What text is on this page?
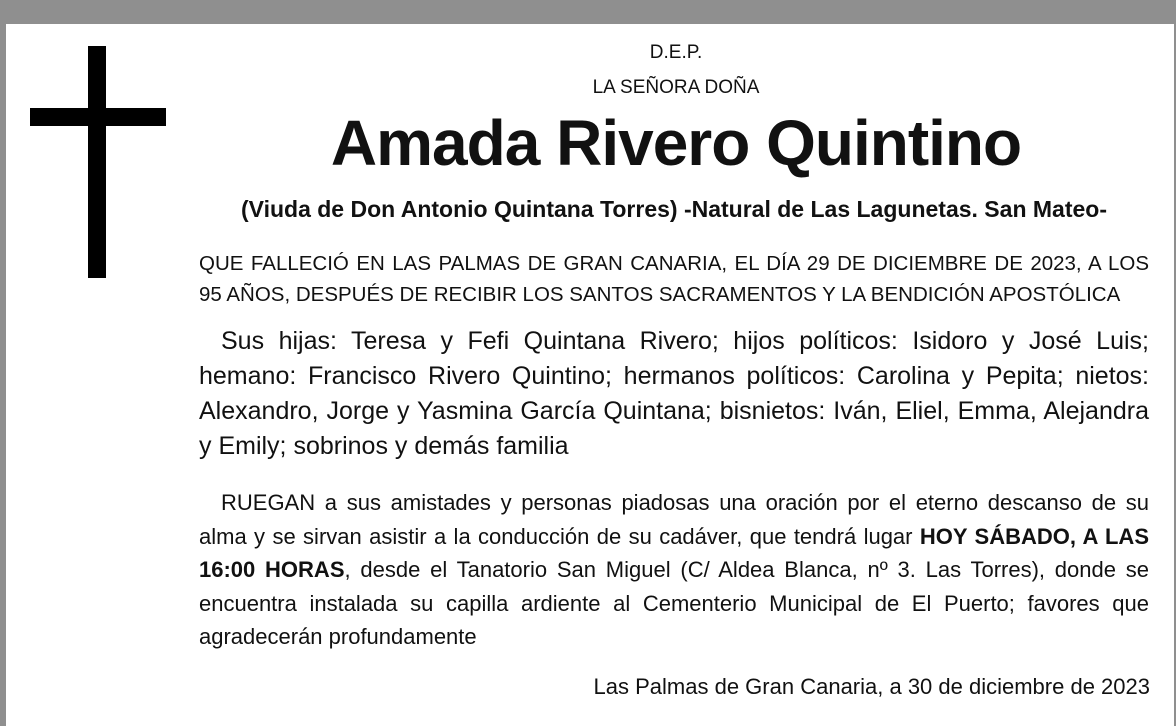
D.E.P.
LA SEÑORA DOÑA
Amada Rivero Quintino
(Viuda de Don Antonio Quintana Torres) -Natural de Las Lagunetas. San Mateo-
QUE FALLECIÓ EN LAS PALMAS DE GRAN CANARIA, EL DÍA 29 DE DICIEMBRE DE 2023, A LOS 95 AÑOS, DESPUÉS DE RECIBIR LOS SANTOS SACRAMENTOS Y LA BENDICIÓN APOSTÓLICA
Sus hijas: Teresa y Fefi Quintana Rivero; hijos políticos: Isidoro y José Luis; hemano: Francisco Rivero Quintino; hermanos políticos: Carolina y Pepita; nietos: Alexandro, Jorge y Yasmina García Quintana; bisnietos: Iván, Eliel, Emma, Alejandra y Emily; sobrinos y demás familia
RUEGAN a sus amistades y personas piadosas una oración por el eterno descanso de su alma y se sirvan asistir a la conducción de su cadáver, que tendrá lugar HOY SÁBADO, A LAS 16:00 HORAS, desde el Tanatorio San Miguel (C/ Aldea Blanca, nº 3. Las Torres), donde se encuentra instalada su capilla ardiente al Cementerio Municipal de El Puerto; favores que agradecerán profundamente
Las Palmas de Gran Canaria, a 30 de diciembre de 2023
